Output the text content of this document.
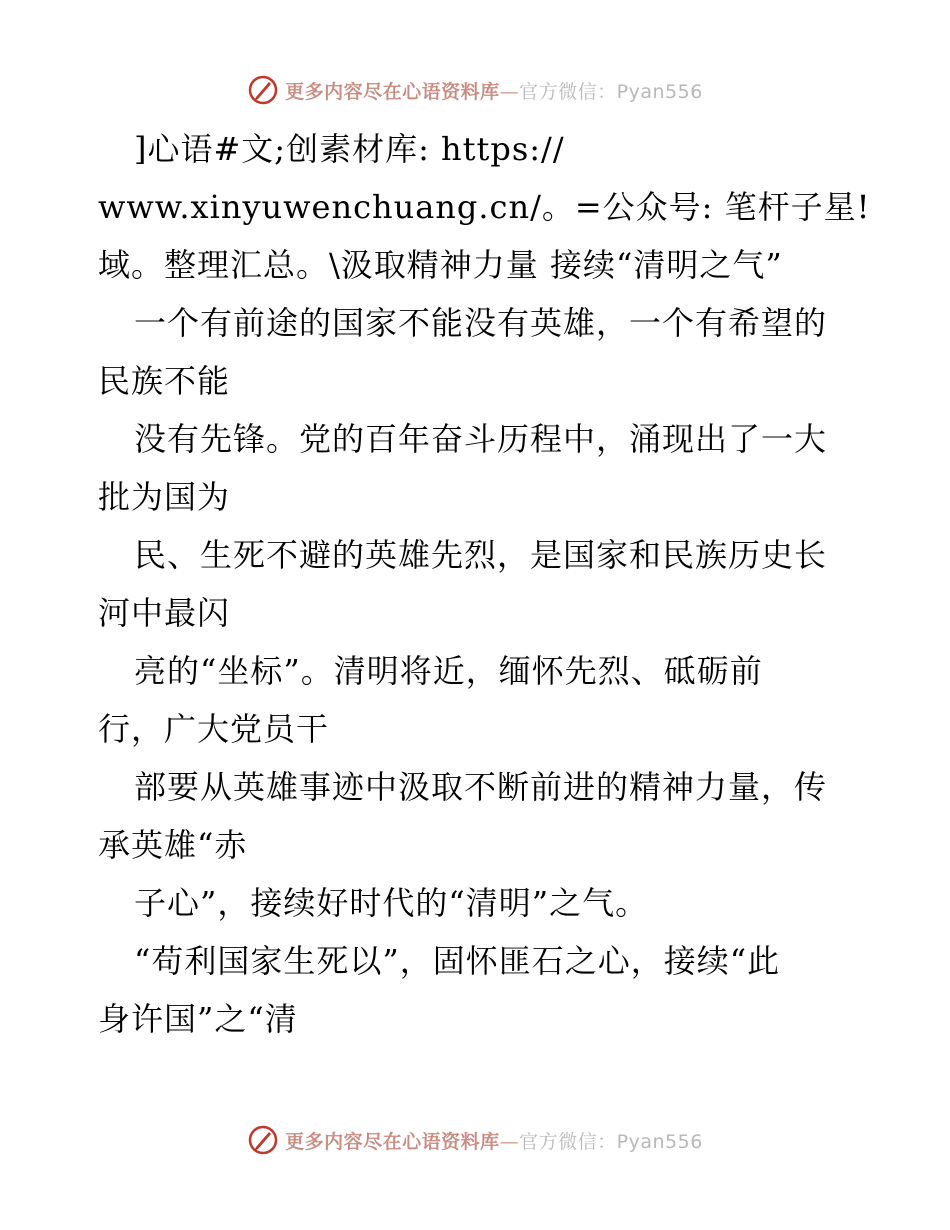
更多内容尽在心语资料库—官方微信：Pyan556
]心语#文;创素材库: https://
www.xinyuwenchuang.cn/。=公众号: 笔杆子星!
域。整理汇总。\汲取精神力量 接续“清明之气”
一个有前途的国家不能没有英雄，一个有希望的
民族不能
没有先锋。党的百年奋斗历程中，涌现出了一大
批为国为
民、生死不避的英雄先烈，是国家和民族历史长
河中最闪
亮的“坐标”。清明将近，缅怀先烈、砥砺前
行，广大党员干
部要从英雄事迹中汲取不断前进的精神力量，传
承英雄“赤
子心”，接续好时代的“清明”之气。
“苟利国家生死以”，固怀匪石之心，接续“此
身许国”之“清
更多内容尽在心语资料库—官方微信：Pyan556
